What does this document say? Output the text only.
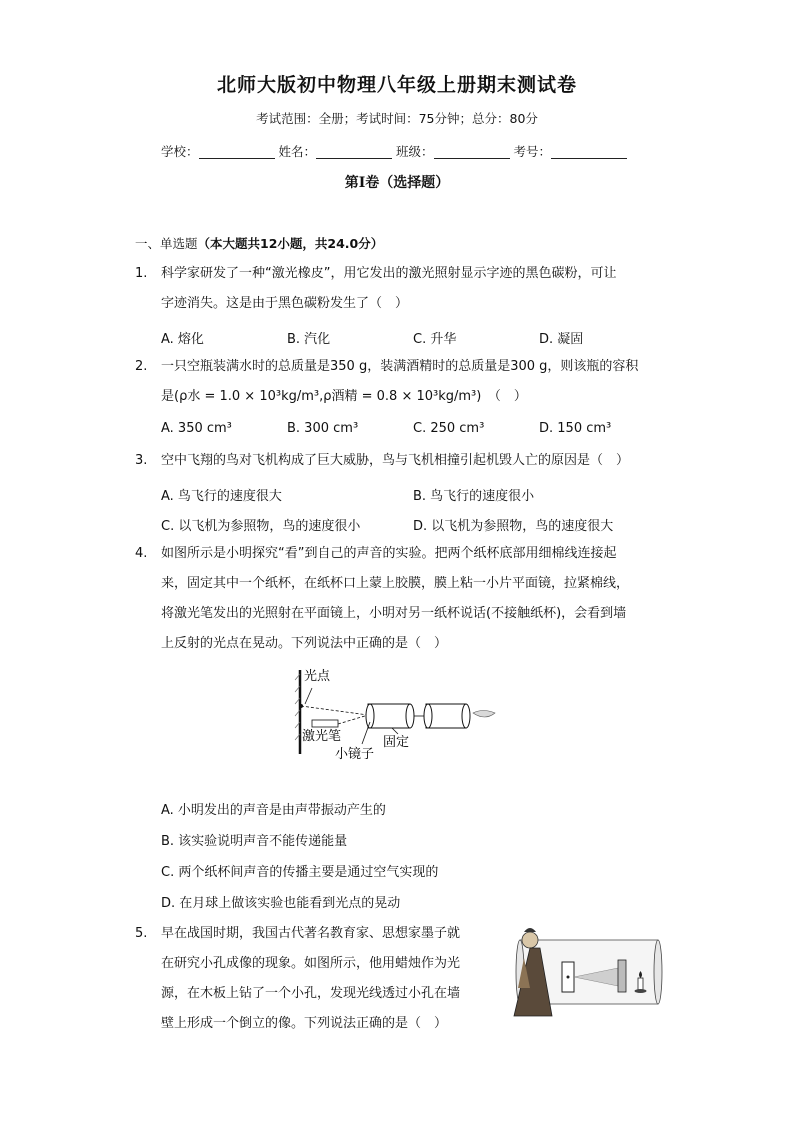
北师大版初中物理八年级上册期末测试卷
考试范围：全册；考试时间：75分钟；总分：80分
学校：	姓名：	班级：	考号：
第I卷（选择题）
一、单选题（本大题共12小题，共24.0分）
1.	科学家研发了一种“激光橡皮”，用它发出的激光照射显示字迹的黑色碳粉，可让
字迹消失。这是由于黑色碳粉发生了（　）
A. 熔化	B. 汽化	C. 升华	D. 凝固
2.	一只空瓶装满水时的总质量是350 g，装满酒精时的总质量是300 g，则该瓶的容积
是(ρ水 = 1.0 × 10³kg/m³,ρ酒精 = 0.8 × 10³kg/m³)　（　）
A. 350 cm³	B. 300 cm³	C. 250 cm³	D. 150 cm³
3.	空中飞翔的鸟对飞机构成了巨大威胁，鸟与飞机相撞引起机毁人亡的原因是（　）
A. 鸟飞行的速度很大	B. 鸟飞行的速度很小
C. 以飞机为参照物，鸟的速度很小	D. 以飞机为参照物，鸟的速度很大
4.	如图所示是小明探究“看”到自己的声音的实验。把两个纸杯底部用细棉线连接起
来，固定其中一个纸杯，在纸杯口上蒙上胶膜，膜上粘一小片平面镜，拉紧棉线，
将激光笔发出的光照射在平面镜上，小明对另一纸杯说话(不接触纸杯)，会看到墙
上反射的光点在晃动。下列说法中正确的是（　）
光点
激光笔
小镜子
固定
A. 小明发出的声音是由声带振动产生的
B. 该实验说明声音不能传递能量
C. 两个纸杯间声音的传播主要是通过空气实现的
D. 在月球上做该实验也能看到光点的晃动
5.	早在战国时期，我国古代著名教育家、思想家墨子就
在研究小孔成像的现象。如图所示，他用蜡烛作为光
源，在木板上钻了一个小孔，发现光线透过小孔在墙
壁上形成一个倒立的像。下列说法正确的是（　）
